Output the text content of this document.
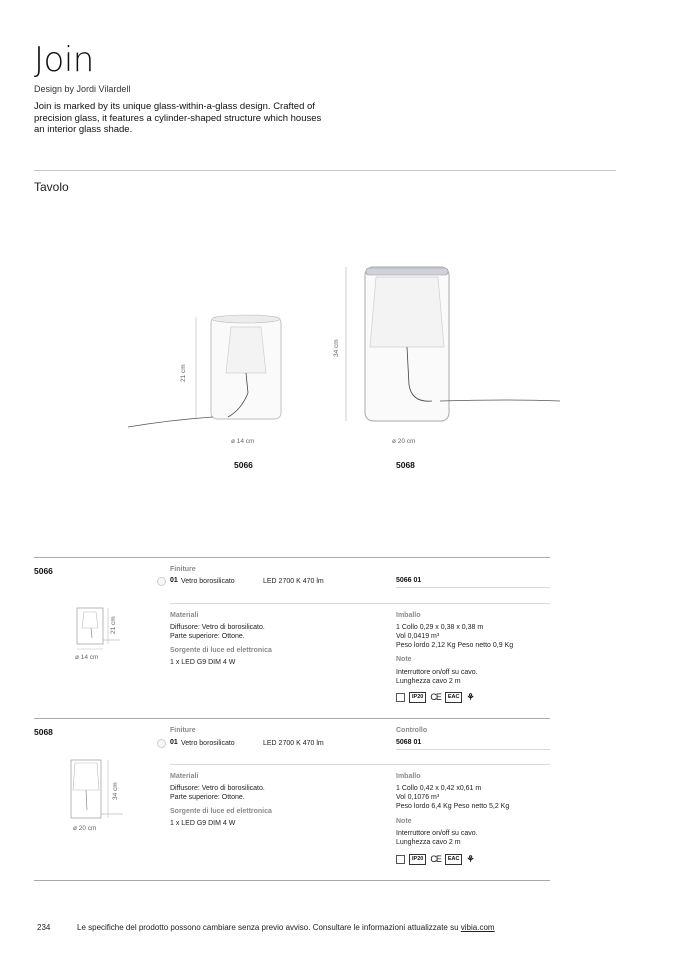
Join
Design by Jordi Vilardell
Join is marked by its unique glass-within-a-glass design. Crafted of precision glass, it features a cylinder-shaped structure which houses an interior glass shade.
Tavolo
21 cm
34 cm
ø 14 cm	ø 20 cm
5066	5068
5066
21 cm
ø 14 cm
Finiture
01 Vetro borosilicato	LED 2700 K 470 lm	5066 01
Materiali
Diffusore: Vetro di borosilicato.
Parte superiore: Ottone.
Sorgente di luce ed elettronica
1 x LED G9 DIM 4 W
Imballo
1 Collo 0,29 x 0,38 x 0,38 m
Vol 0,0419 m³
Peso lordo 2,12 Kg Peso netto 0,9 Kg
Note
Interruttore on/off su cavo.
Lunghezza cavo 2 m
IP20 CE	EAC ⚘
5068
34 cm
ø 20 cm
Finiture
01 Vetro borosilicato	LED 2700 K 470 lm
Controllo
5068 01
Materiali
Diffusore: Vetro di borosilicato.
Parte superiore: Ottone.
Sorgente di luce ed elettronica
1 x LED G9 DIM 4 W
Imballo
1 Collo 0,42 x 0,42 x0,61 m
Vol 0,1076 m³
Peso lordo 6,4 Kg Peso netto 5,2 Kg
Note
Interruttore on/off su cavo.
Lunghezza cavo 2 m
IP20 CE	EAC ⚘
234	Le specifiche del prodotto possono cambiare senza previo avviso. Consultare le informazioni attualizzate su vibia.com
